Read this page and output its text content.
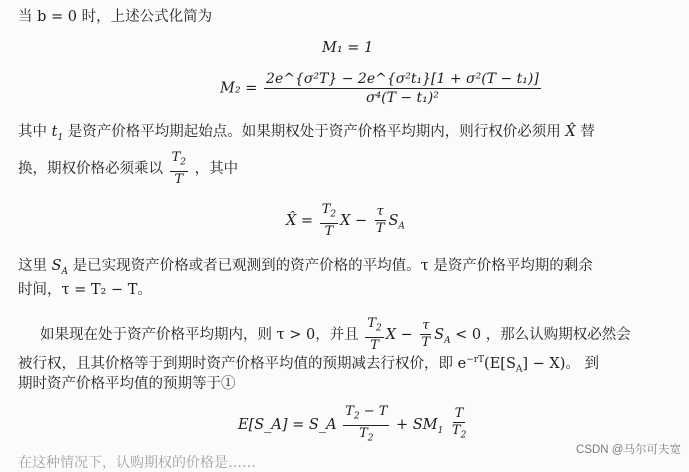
当 b = 0 时，上述公式化简为
M₁ = 1
$M_2 = \frac{\text{2e\textasciicircum{}\{σ²T\} − 2e\textasciicircum{}\{σ²t₁\}[1 + σ²(T − t₁)]}}{\text{σ⁴(T − t₁)²}}$
其中 $t_1$ 是资产价格平均期起始点。如果期权处于资产价格平均期内，则行权价必须用 X̂ 替
换，期权价格必须乘以 $\frac{T_2}{T}$ ，其中
X̂ = $\frac{T_2}{T}$ $X - \frac{\tau}{T} S_A$
这里 $S_A$ 是已实现资产价格或者已观测到的资产价格的平均值。τ 是资产价格平均期的剩余
时间，τ = T₂ − T。
如果现在处于资产价格平均期内，则 τ > 0，并且 $\frac{T_2}{T}$ $X - \frac{\tau}{T} S_A < 0$ ，那么认购期权必然会
被行权，且其价格等于到期时资产价格平均值的预期减去行权价，即 $e^{-rT}(E[S_A] - X)$。 到
期时资产价格平均值的预期等于①
E[S_A] = S_A $\frac{T_2 - T}{T_2} + SM_1 \frac{T}{T_2}$
在这种情况下，认购期权的价格是……
CSDN @马尔可夫宽
